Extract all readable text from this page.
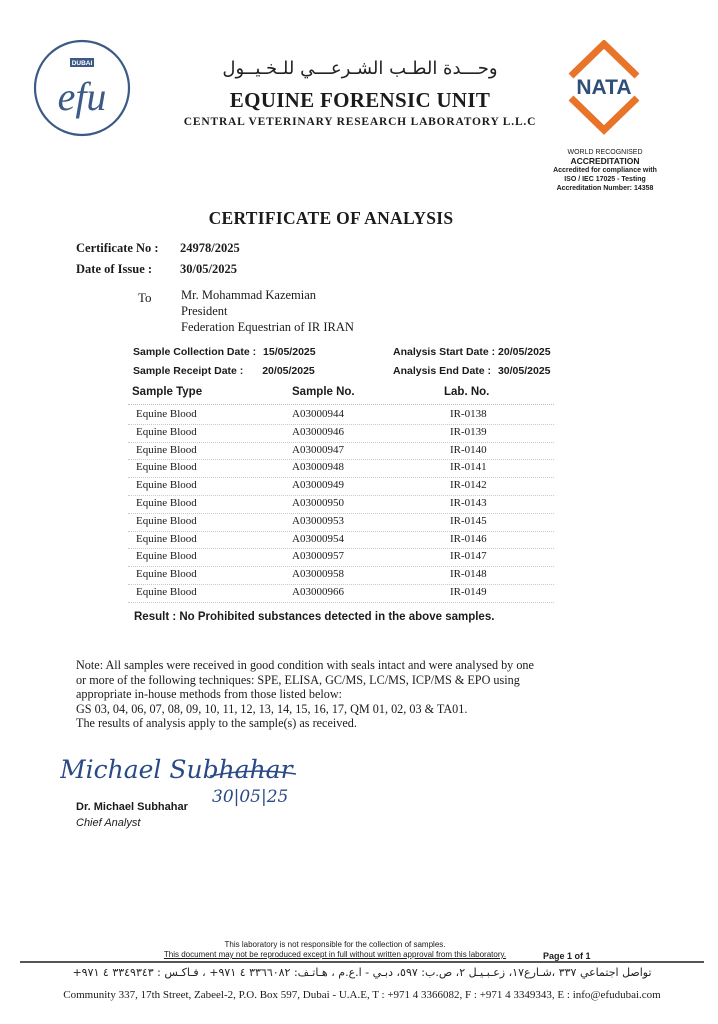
DUBAI
efu
وحـــدة الطـب الشـرعـــي للـخـيــول
EQUINE FORENSIC UNIT
CENTRAL VETERINARY RESEARCH LABORATORY L.L.C
NATA
WORLD RECOGNISED
ACCREDITATION
Accredited for compliance with
ISO / IEC 17025 - Testing
Accreditation Number: 14358
CERTIFICATE OF ANALYSIS
Certificate No : 24978/2025
Date of Issue : 30/05/2025
To Mr. Mohammad Kazemian
President
Federation Equestrian of IR IRAN
Sample Collection Date : 15/05/2025
Sample Receipt Date : 20/05/2025
Analysis Start Date : 20/05/2025
Analysis End Date : 30/05/2025
Sample Type	Sample No.	Lab. No.
Equine Blood	A03000944	IR-0138
Equine Blood	A03000946	IR-0139
Equine Blood	A03000947	IR-0140
Equine Blood	A03000948	IR-0141
Equine Blood	A03000949	IR-0142
Equine Blood	A03000950	IR-0143
Equine Blood	A03000953	IR-0145
Equine Blood	A03000954	IR-0146
Equine Blood	A03000957	IR-0147
Equine Blood	A03000958	IR-0148
Equine Blood	A03000966	IR-0149
Result : No Prohibited substances detected in the above samples.
Note: All samples were received in good condition with seals intact and were analysed by one
or more of the following techniques: SPE, ELISA, GC/MS, LC/MS, ICP/MS & EPO using
appropriate in-house methods from those listed below:
GS 03, 04, 06, 07, 08, 09, 10, 11, 12, 13, 14, 15, 16, 17, QM 01, 02, 03 & TA01.
The results of analysis apply to the sample(s) as received.
Michael Subhahar
30|05|25
Dr. Michael Subhahar
Chief Analyst
This laboratory is not responsible for the collection of samples.
This document may not be reproduced except in full without written approval from this laboratory.	Page 1 of 1
تواصل اجتماعي ٣٣٧ ،شـارع١٧، زعـبـيـل ٢، ص.ب: ٥٩٧، دبـي - ا.ع.م ، هـاتـف: ٣٣٦٦٠٨٢ ٤ ٩٧١+ ، فـاكـس : ٣٣٤٩٣٤٣ ٤ ٩٧١+
Community 337, 17th Street, Zabeel-2, P.O. Box 597, Dubai - U.A.E, T : +971 4 3366082, F : +971 4 3349343, E : info@efudubai.com
